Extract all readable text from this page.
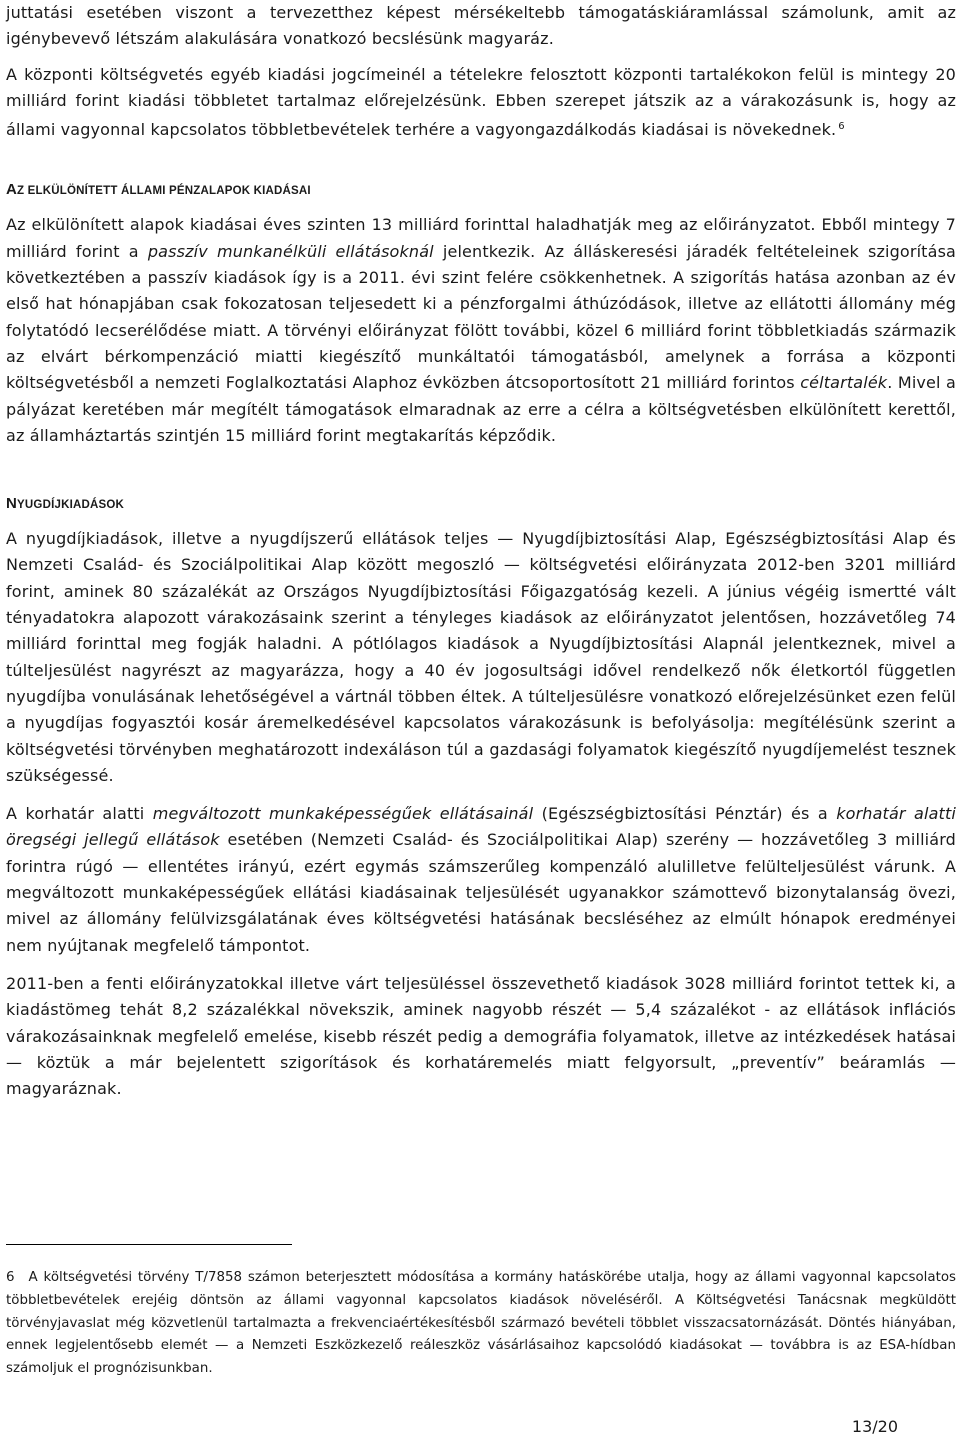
juttatási esetében viszont a tervezetthez képest mérsékeltebb támogatáskiáramlással számolunk, amit az igénybevevő létszám alakulására vonatkozó becslésünk magyaráz.

A központi költségvetés egyéb kiadási jogcímeinél a tételekre felosztott központi tartalékokon felül is mintegy 20 milliárd forint kiadási többletet tartalmaz előrejelzésünk. Ebben szerepet játszik az a várakozásunk is, hogy az állami vagyonnal kapcsolatos többletbevételek terhére a vagyongazdálkodás kiadásai is növekednek. $^6$

AZ ELKÜLÖNÍTETT ÁLLAMI PÉNZALAPOK KIADÁSAI

Az elkülönített alapok kiadásai éves szinten 13 milliárd forinttal haladhatják meg az előirányzatot. Ebből mintegy 7 milliárd forint a passzív munkanélküli ellátásoknál jelentkezik. Az álláskeresési járadék feltételeinek szigorítása következtében a passzív kiadások így is a 2011. évi szint felére csökkenhetnek. A szigorítás hatása azonban az év első hat hónapjában csak fokozatosan teljesedett ki a pénzforgalmi áthúzódások, illetve az ellátotti állomány még folytatódó lecserélődése miatt. A törvényi előirányzat fölött további, közel 6 milliárd forint többletkiadás származik az elvárt bérkompenzáció miatti kiegészítő munkáltatói támogatásból, amelynek a forrása a központi költségvetésből a nemzeti Foglalkoztatási Alaphoz évközben átcsoportosított 21 milliárd forintos céltartalék. Mivel a pályázat keretében már megítélt támogatások elmaradnak az erre a célra a költségvetésben elkülönített kerettől, az államháztartás szintjén 15 milliárd forint megtakarítás képződik.

NYUGDÍJKIADÁSOK

A nyugdíjkiadások, illetve a nyugdíjszerű ellátások teljes — Nyugdíjbiztosítási Alap, Egészségbiztosítási Alap és Nemzeti Család- és Szociálpolitikai Alap között megoszló — költségvetési előirányzata 2012-ben 3201 milliárd forint, aminek 80 százalékát az Országos Nyugdíjbiztosítási Főigazgatóság kezeli. A június végéig ismertté vált tényadatokra alapozott várakozásaink szerint a tényleges kiadások az előirányzatot jelentősen, hozzávetőleg 74 milliárd forinttal meg fogják haladni. A pótlólagos kiadások a Nyugdíjbiztosítási Alapnál jelentkeznek, mivel a túlteljesülést nagyrészt az magyarázza, hogy a 40 év jogosultsági idővel rendelkező nők életkortól független nyugdíjba vonulásának lehetőségével a vártnál többen éltek. A túlteljesülésre vonatkozó előrejelzésünket ezen felül a nyugdíjas fogyasztói kosár áremelkedésével kapcsolatos várakozásunk is befolyásolja: megítélésünk szerint a költségvetési törvényben meghatározott indexáláson túl a gazdasági folyamatok kiegészítő nyugdíjemelést tesznek szükségessé.

A korhatár alatti megváltozott munkaképességűek ellátásainál (Egészségbiztosítási Pénztár) és a korhatár alatti öregségi jellegű ellátások esetében (Nemzeti Család- és Szociálpolitikai Alap) szerény — hozzávetőleg 3 milliárd forintra rúgó — ellentétes irányú, ezért egymás számszerűleg kompenzáló alulilletve felülteljesülést várunk. A megváltozott munkaképességűek ellátási kiadásainak teljesülését ugyanakkor számottevő bizonytalanság övezi, mivel az állomány felülvizsgálatának éves költségvetési hatásának becsléséhez az elmúlt hónapok eredményei nem nyújtanak megfelelő támpontot.

2011-ben a fenti előirányzatokkal illetve várt teljesüléssel összevethető kiadások 3028 milliárd forintot tettek ki, a kiadástömeg tehát 8,2 százalékkal növekszik, aminek nagyobb részét — 5,4 százalékot - az ellátások inflációs várakozásainknak megfelelő emelése, kisebb részét pedig a demográfia folyamatok, illetve az intézkedések hatásai — köztük a már bejelentett szigorítások és korhatáremelés miatt felgyorsult, „preventív” beáramlás — magyaráznak.

6 A költségvetési törvény T/7858 számon beterjesztett módosítása a kormány hatáskörébe utalja, hogy az állami vagyonnal kapcsolatos többletbevételek erejéig döntsön az állami vagyonnal kapcsolatos kiadások növeléséről. A Költségvetési Tanácsnak megküldött törvényjavaslat még közvetlenül tartalmazta a frekvenciaértékesítésből származó bevételi többlet visszacsatornázását. Döntés hiányában, ennek legjelentősebb elemét — a Nemzeti Eszközkezelő reáleszköz vásárlásaihoz kapcsolódó kiadásokat — továbbra is az ESA-hídban számoljuk el prognózisunkban.
13/20
